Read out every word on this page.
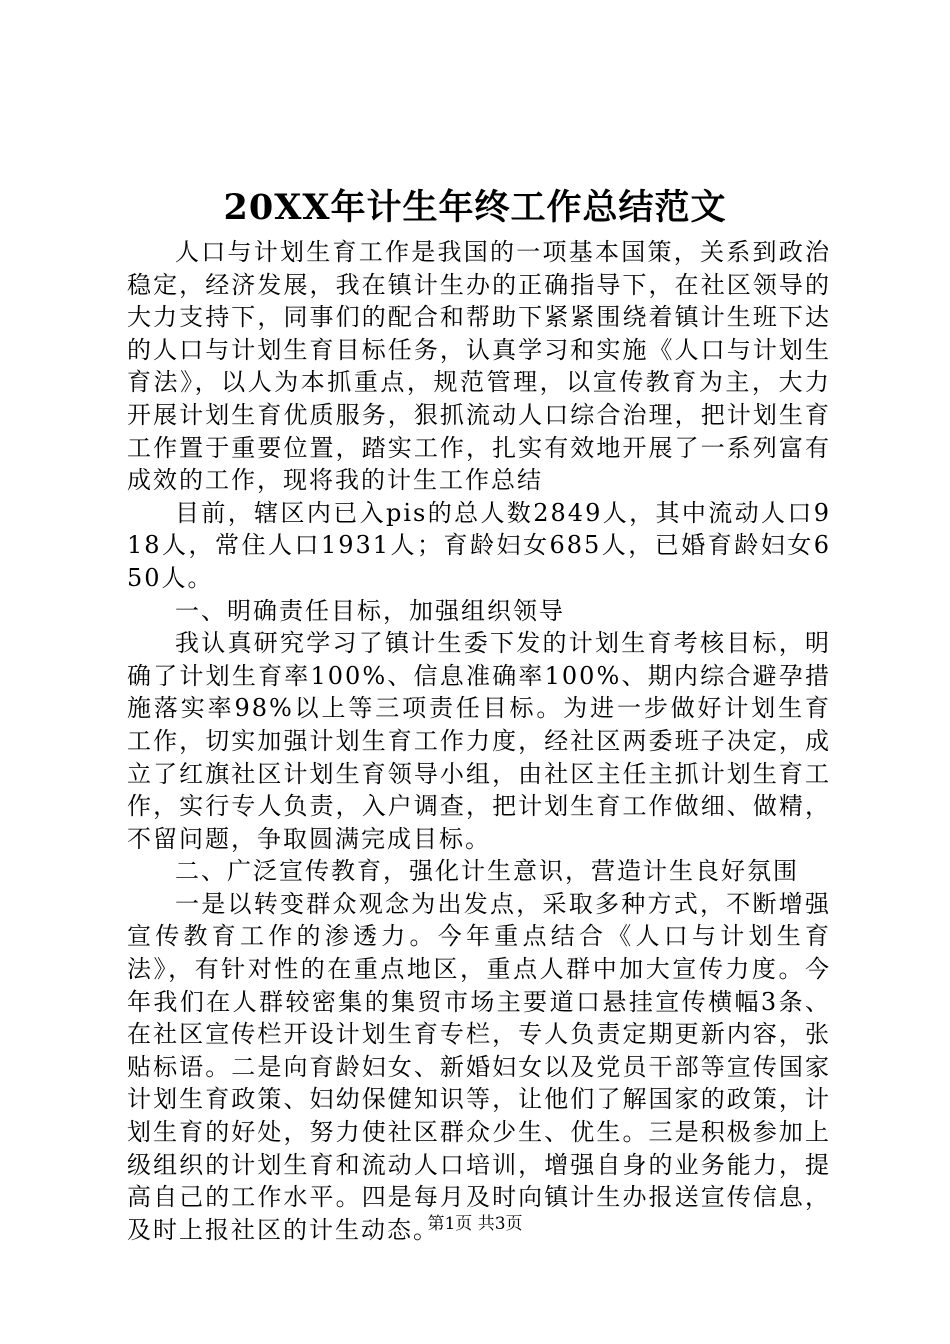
20XX年计生年终工作总结范文

人口与计划生育工作是我国的一项基本国策，关系到政治稳定，经济发展，我在镇计生办的正确指导下，在社区领导的大力支持下，同事们的配合和帮助下紧紧围绕着镇计生班下达的人口与计划生育目标任务，认真学习和实施《人口与计划生育法》，以人为本抓重点，规范管理，以宣传教育为主，大力开展计划生育优质服务，狠抓流动人口综合治理，把计划生育工作置于重要位置，踏实工作，扎实有效地开展了一系列富有成效的工作，现将我的计生工作总结

目前，辖区内已入pis的总人数2849人，其中流动人口918人，常住人口1931人；育龄妇女685人，已婚育龄妇女650人。

一、明确责任目标，加强组织领导

我认真研究学习了镇计生委下发的计划生育考核目标，明确了计划生育率100%、信息准确率100%、期内综合避孕措施落实率98%以上等三项责任目标。为进一步做好计划生育工作，切实加强计划生育工作力度，经社区两委班子决定，成立了红旗社区计划生育领导小组，由社区主任主抓计划生育工作，实行专人负责，入户调查，把计划生育工作做细、做精，不留问题，争取圆满完成目标。

二、广泛宣传教育，强化计生意识，营造计生良好氛围

一是以转变群众观念为出发点，采取多种方式，不断增强宣传教育工作的渗透力。今年重点结合《人口与计划生育法》，有针对性的在重点地区，重点人群中加大宣传力度。今年我们在人群较密集的集贸市场主要道口悬挂宣传横幅3条、在社区宣传栏开设计划生育专栏，专人负责定期更新内容，张贴标语。二是向育龄妇女、新婚妇女以及党员干部等宣传国家计划生育政策、妇幼保健知识等，让他们了解国家的政策，计划生育的好处，努力使社区群众少生、优生。三是积极参加上级组织的计划生育和流动人口培训，增强自身的业务能力，提高自己的工作水平。四是每月及时向镇计生办报送宣传信息，及时上报社区的计生动态。

第1页 共3页
